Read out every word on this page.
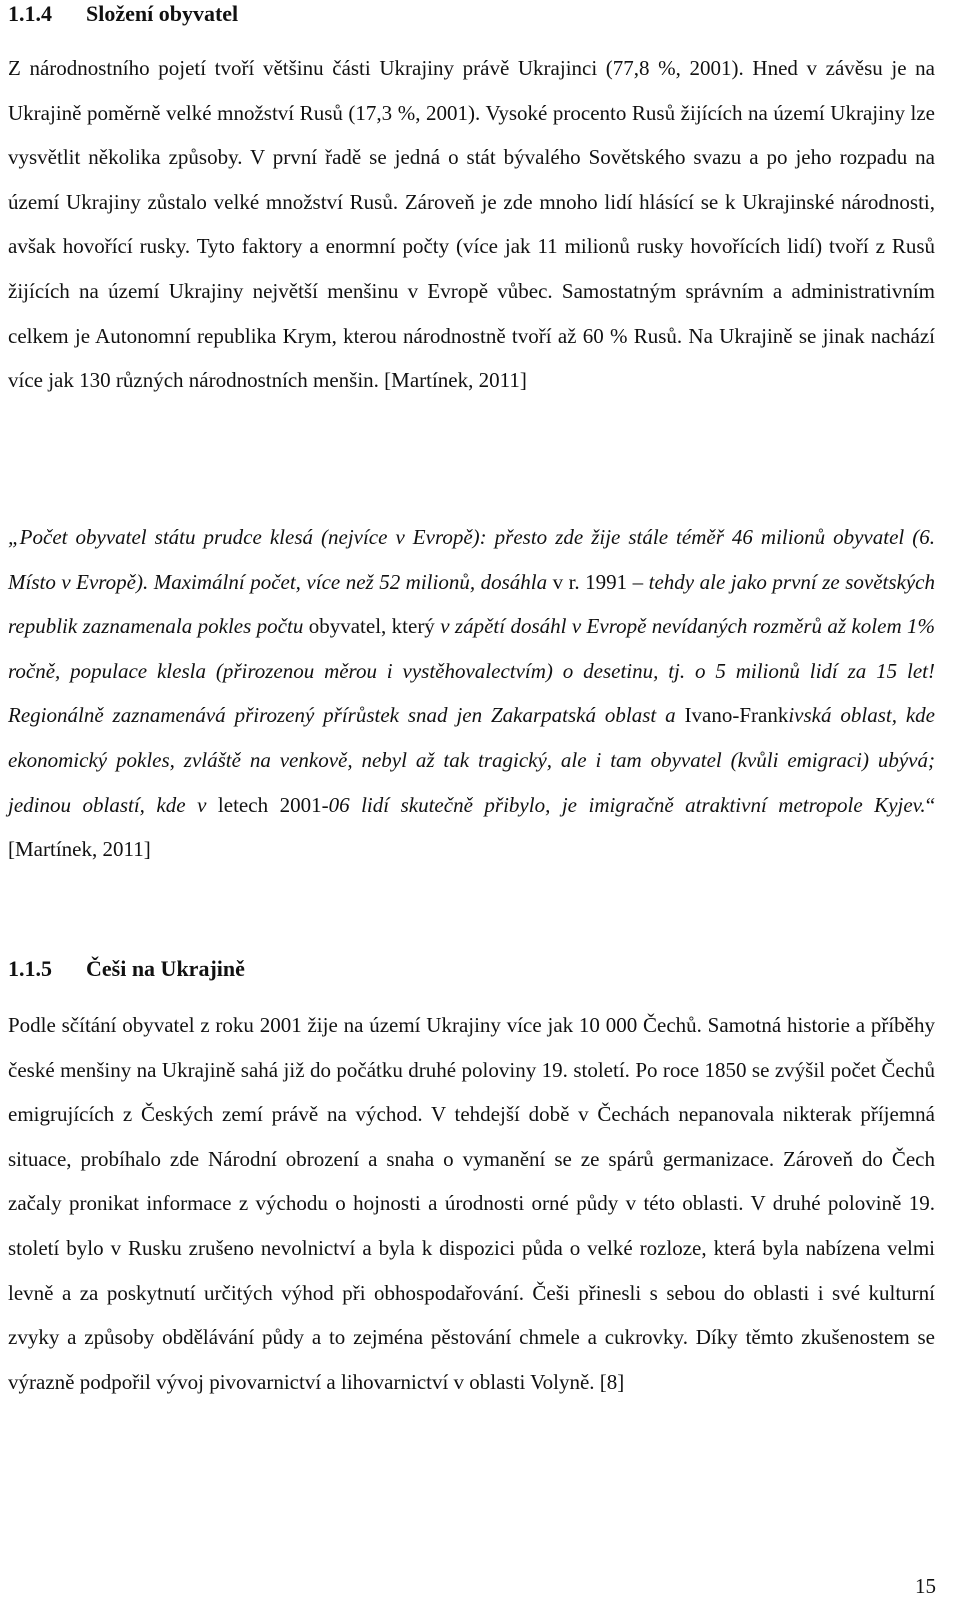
1.1.4	Složení obyvatel

Z národnostního pojetí tvoří většinu části Ukrajiny právě Ukrajinci (77,8 %, 2001). Hned v závěsu je na Ukrajině poměrně velké množství Rusů (17,3 %, 2001). Vysoké procento Rusů žijících na území Ukrajiny lze vysvětlit několika způsoby. V první řadě se jedná o stát bývalého Sovětského svazu a po jeho rozpadu na území Ukrajiny zůstalo velké množství Rusů. Zároveň je zde mnoho lidí hlásící se k Ukrajinské národnosti, avšak hovořící rusky. Tyto faktory a enormní počty (více jak 11 milionů rusky hovořících lidí) tvoří z Rusů žijících na území Ukrajiny největší menšinu v Evropě vůbec. Samostatným správním a administrativním celkem je Autonomní republika Krym, kterou národnostně tvoří až 60 % Rusů. Na Ukrajině se jinak nachází více jak 130 různých národnostních menšin. [Martínek, 2011]

„Počet obyvatel státu prudce klesá (nejvíce v Evropě): přesto zde žije stále téměř 46 milionů obyvatel (6. Místo v Evropě). Maximální počet, více než 52 milionů, dosáhla v r. 1991 – tehdy ale jako první ze sovětských republik zaznamenala pokles počtu obyvatel, který v zápětí dosáhl v Evropě nevídaných rozměrů až kolem 1% ročně, populace klesla (přirozenou měrou i vystěhovalectvím) o desetinu, tj. o 5 milionů lidí za 15 let! Regionálně zaznamenává přirozený přírůstek snad jen Zakarpatská oblast a Ivano-Frankivská oblast, kde ekonomický pokles, zvláště na venkově, nebyl až tak tragický, ale i tam obyvatel (kvůli emigraci) ubývá; jedinou oblastí, kde v letech 2001-06 lidí skutečně přibylo, je imigračně atraktivní metropole Kyjev.“ [Martínek, 2011]

1.1.5	Češi na Ukrajině

Podle sčítání obyvatel z roku 2001 žije na území Ukrajiny více jak 10 000 Čechů. Samotná historie a příběhy české menšiny na Ukrajině sahá již do počátku druhé poloviny 19. století. Po roce 1850 se zvýšil počet Čechů emigrujících z Českých zemí právě na východ. V tehdejší době v Čechách nepanovala nikterak příjemná situace, probíhalo zde Národní obrození a snaha o vymanění se ze spárů germanizace. Zároveň do Čech začaly pronikat informace z východu o hojnosti a úrodnosti orné půdy v této oblasti. V druhé polovině 19. století bylo v Rusku zrušeno nevolnictví a byla k dispozici půda o velké rozloze, která byla nabízena velmi levně a za poskytnutí určitých výhod při obhospodařování. Češi přinesli s sebou do oblasti i své kulturní zvyky a způsoby obdělávání půdy a to zejména pěstování chmele a cukrovky. Díky těmto zkušenostem se výrazně podpořil vývoj pivovarnictví a lihovarnictví v oblasti Volyně. [8]

15
